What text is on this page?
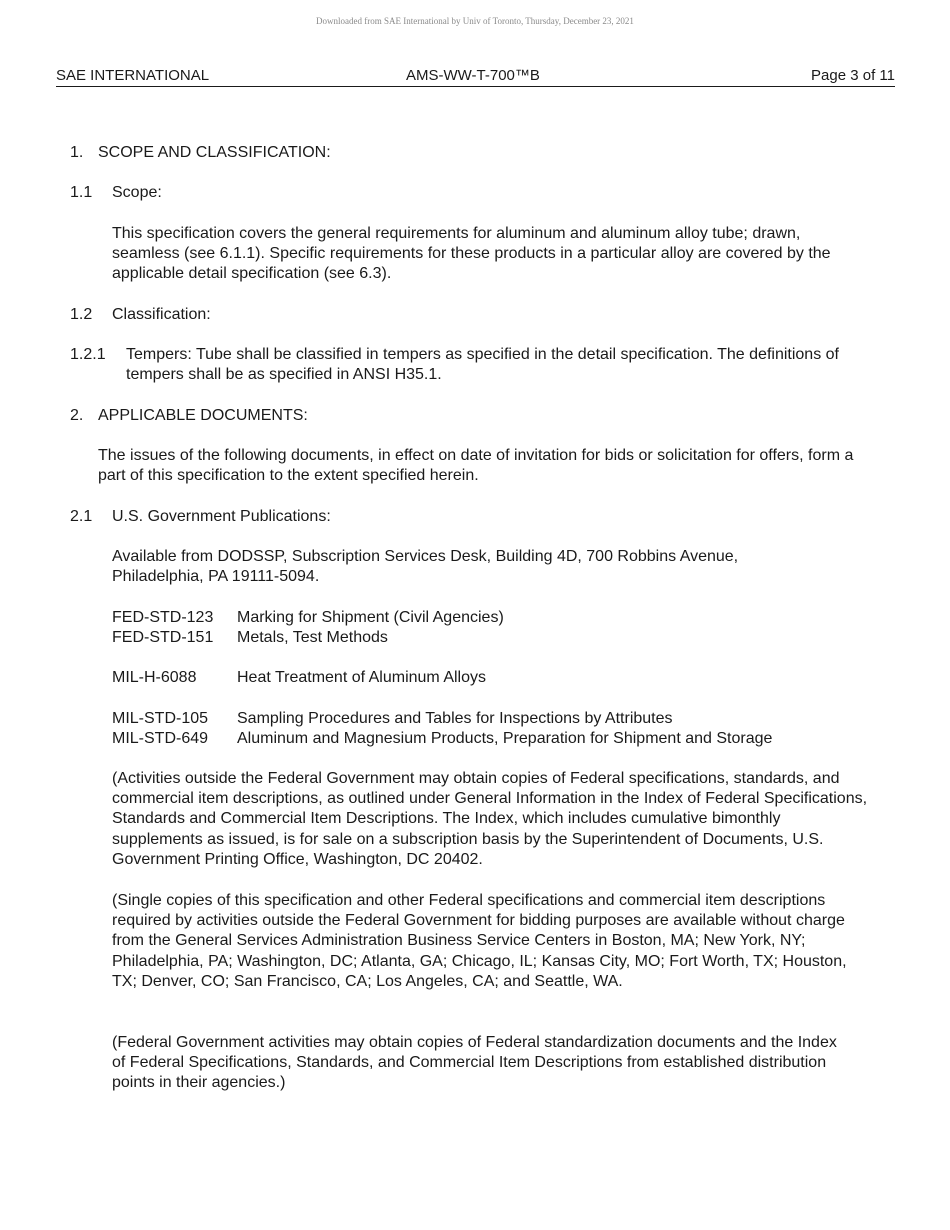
Downloaded from SAE International by Univ of Toronto, Thursday, December 23, 2021
SAE INTERNATIONAL	AMS-WW-T-700™B	Page 3 of 11
1. SCOPE AND CLASSIFICATION:
1.1 Scope:
This specification covers the general requirements for aluminum and aluminum alloy tube; drawn, seamless (see 6.1.1). Specific requirements for these products in a particular alloy are covered by the applicable detail specification (see 6.3).
1.2 Classification:
1.2.1 Tempers: Tube shall be classified in tempers as specified in the detail specification. The definitions of tempers shall be as specified in ANSI H35.1.
2. APPLICABLE DOCUMENTS:
The issues of the following documents, in effect on date of invitation for bids or solicitation for offers, form a part of this specification to the extent specified herein.
2.1 U.S. Government Publications:
Available from DODSSP, Subscription Services Desk, Building 4D, 700 Robbins Avenue, Philadelphia, PA 19111-5094.
FED-STD-123 Marking for Shipment (Civil Agencies)
FED-STD-151 Metals, Test Methods
MIL-H-6088	Heat Treatment of Aluminum Alloys
MIL-STD-105 Sampling Procedures and Tables for Inspections by Attributes
MIL-STD-649 Aluminum and Magnesium Products, Preparation for Shipment and Storage
(Activities outside the Federal Government may obtain copies of Federal specifications, standards, and commercial item descriptions, as outlined under General Information in the Index of Federal Specifications, Standards and Commercial Item Descriptions. The Index, which includes cumulative bimonthly supplements as issued, is for sale on a subscription basis by the Superintendent of Documents, U.S. Government Printing Office, Washington, DC 20402.
(Single copies of this specification and other Federal specifications and commercial item descriptions required by activities outside the Federal Government for bidding purposes are available without charge from the General Services Administration Business Service Centers in Boston, MA; New York, NY; Philadelphia, PA; Washington, DC; Atlanta, GA; Chicago, IL; Kansas City, MO; Fort Worth, TX; Houston, TX; Denver, CO; San Francisco, CA; Los Angeles, CA; and Seattle, WA.
(Federal Government activities may obtain copies of Federal standardization documents and the Index of Federal Specifications, Standards, and Commercial Item Descriptions from established distribution points in their agencies.)
